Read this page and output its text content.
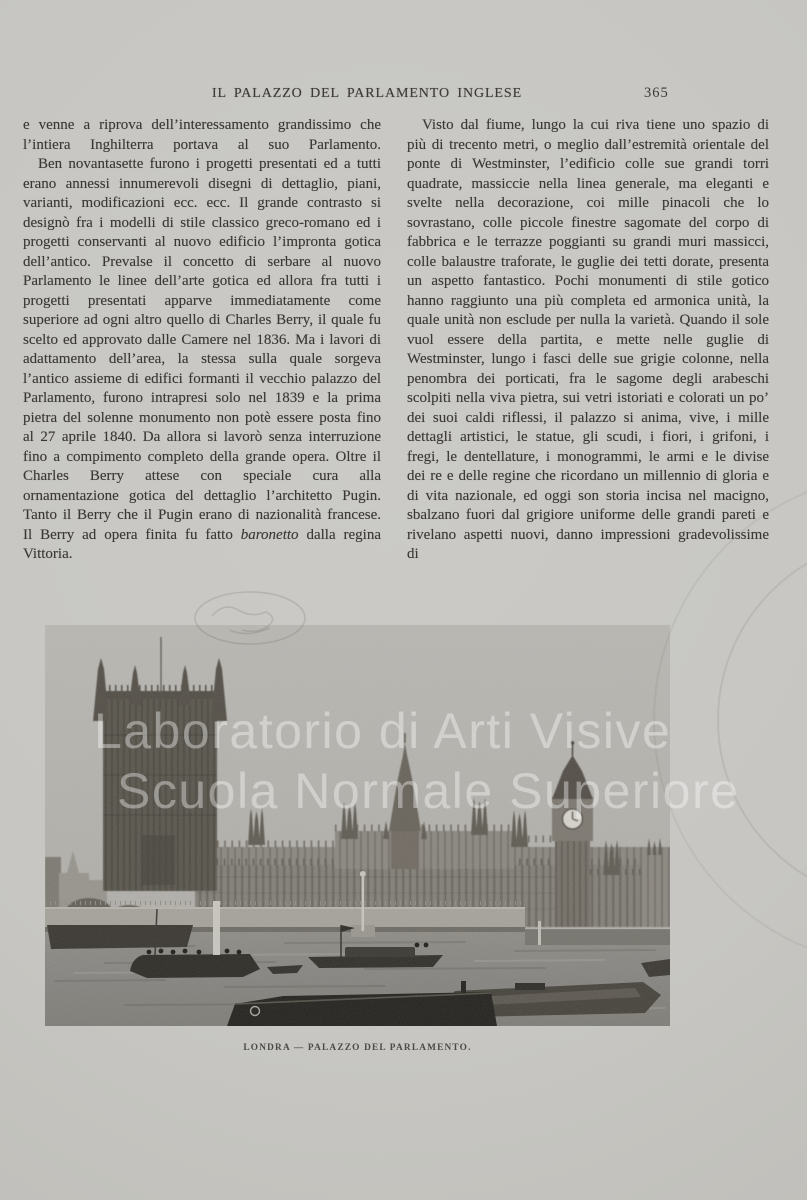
IL PALAZZO DEL PARLAMENTO INGLESE	365

e venne a riprova dell’interessamento grandissimo che l’intiera Inghilterra portava al suo Parlamento.

Ben novantasette furono i progetti presentati ed a tutti erano annessi innumerevoli disegni di dettaglio, piani, varianti, modificazioni ecc. ecc. Il grande contrasto si designò fra i modelli di stile classico greco-romano ed i progetti conservanti al nuovo edificio l’impronta gotica dell’antico. Prevalse il concetto di serbare al nuovo Parlamento le linee dell’arte gotica ed allora fra tutti i progetti presentati apparve immediatamente come superiore ad ogni altro quello di Charles Berry, il quale fu scelto ed approvato dalle Camere nel 1836. Ma i lavori di adattamento dell’area, la stessa sulla quale sorgeva l’antico assieme di edifici formanti il vecchio palazzo del Parlamento, furono intrapresi solo nel 1839 e la prima pietra del solenne monumento non potè essere posta fino al 27 aprile 1840. Da allora si lavorò senza interruzione fino a compimento completo della grande opera. Oltre il Charles Berry attese con speciale cura alla ornamentazione gotica del dettaglio l’architetto Pugin. Tanto il Berry che il Pugin erano di nazionalità francese. Il Berry ad opera finita fu fatto baronetto dalla regina Vittoria.

Visto dal fiume, lungo la cui riva tiene uno spazio di più di trecento metri, o meglio dall’estremità orientale del ponte di Westminster, l’edificio colle sue grandi torri quadrate, massiccie nella linea generale, ma eleganti e svelte nella decorazione, coi mille pinacoli che lo sovrastano, colle piccole finestre sagomate del corpo di fabbrica e le terrazze poggianti su grandi muri massicci, colle balaustre traforate, le guglie dei tetti dorate, presenta un aspetto fantastico. Pochi monumenti di stile gotico hanno raggiunto una più completa ed armonica unità, la quale unità non esclude per nulla la varietà. Quando il sole vuol essere della partita, e mette nelle guglie di Westminster, lungo i fasci delle sue grigie colonne, nella penombra dei porticati, fra le sagome degli arabeschi scolpiti nella viva pietra, sui vetri istoriati e colorati un po’ dei suoi caldi riflessi, il palazzo si anima, vive, i mille dettagli artistici, le statue, gli scudi, i fiori, i grifoni, i fregi, le dentellature, i monogrammi, le armi e le divise dei re e delle regine che ricordano un millennio di gloria e di vita nazionale, ed oggi son storia incisa nel macigno, sbalzano fuori dal grigiore uniforme delle grandi pareti e rivelano aspetti nuovi, danno impressioni gradevolissime di

LONDRA — PALAZZO DEL PARLAMENTO.
Laboratorio di Arti Visive
Scuola Normale Superiore
